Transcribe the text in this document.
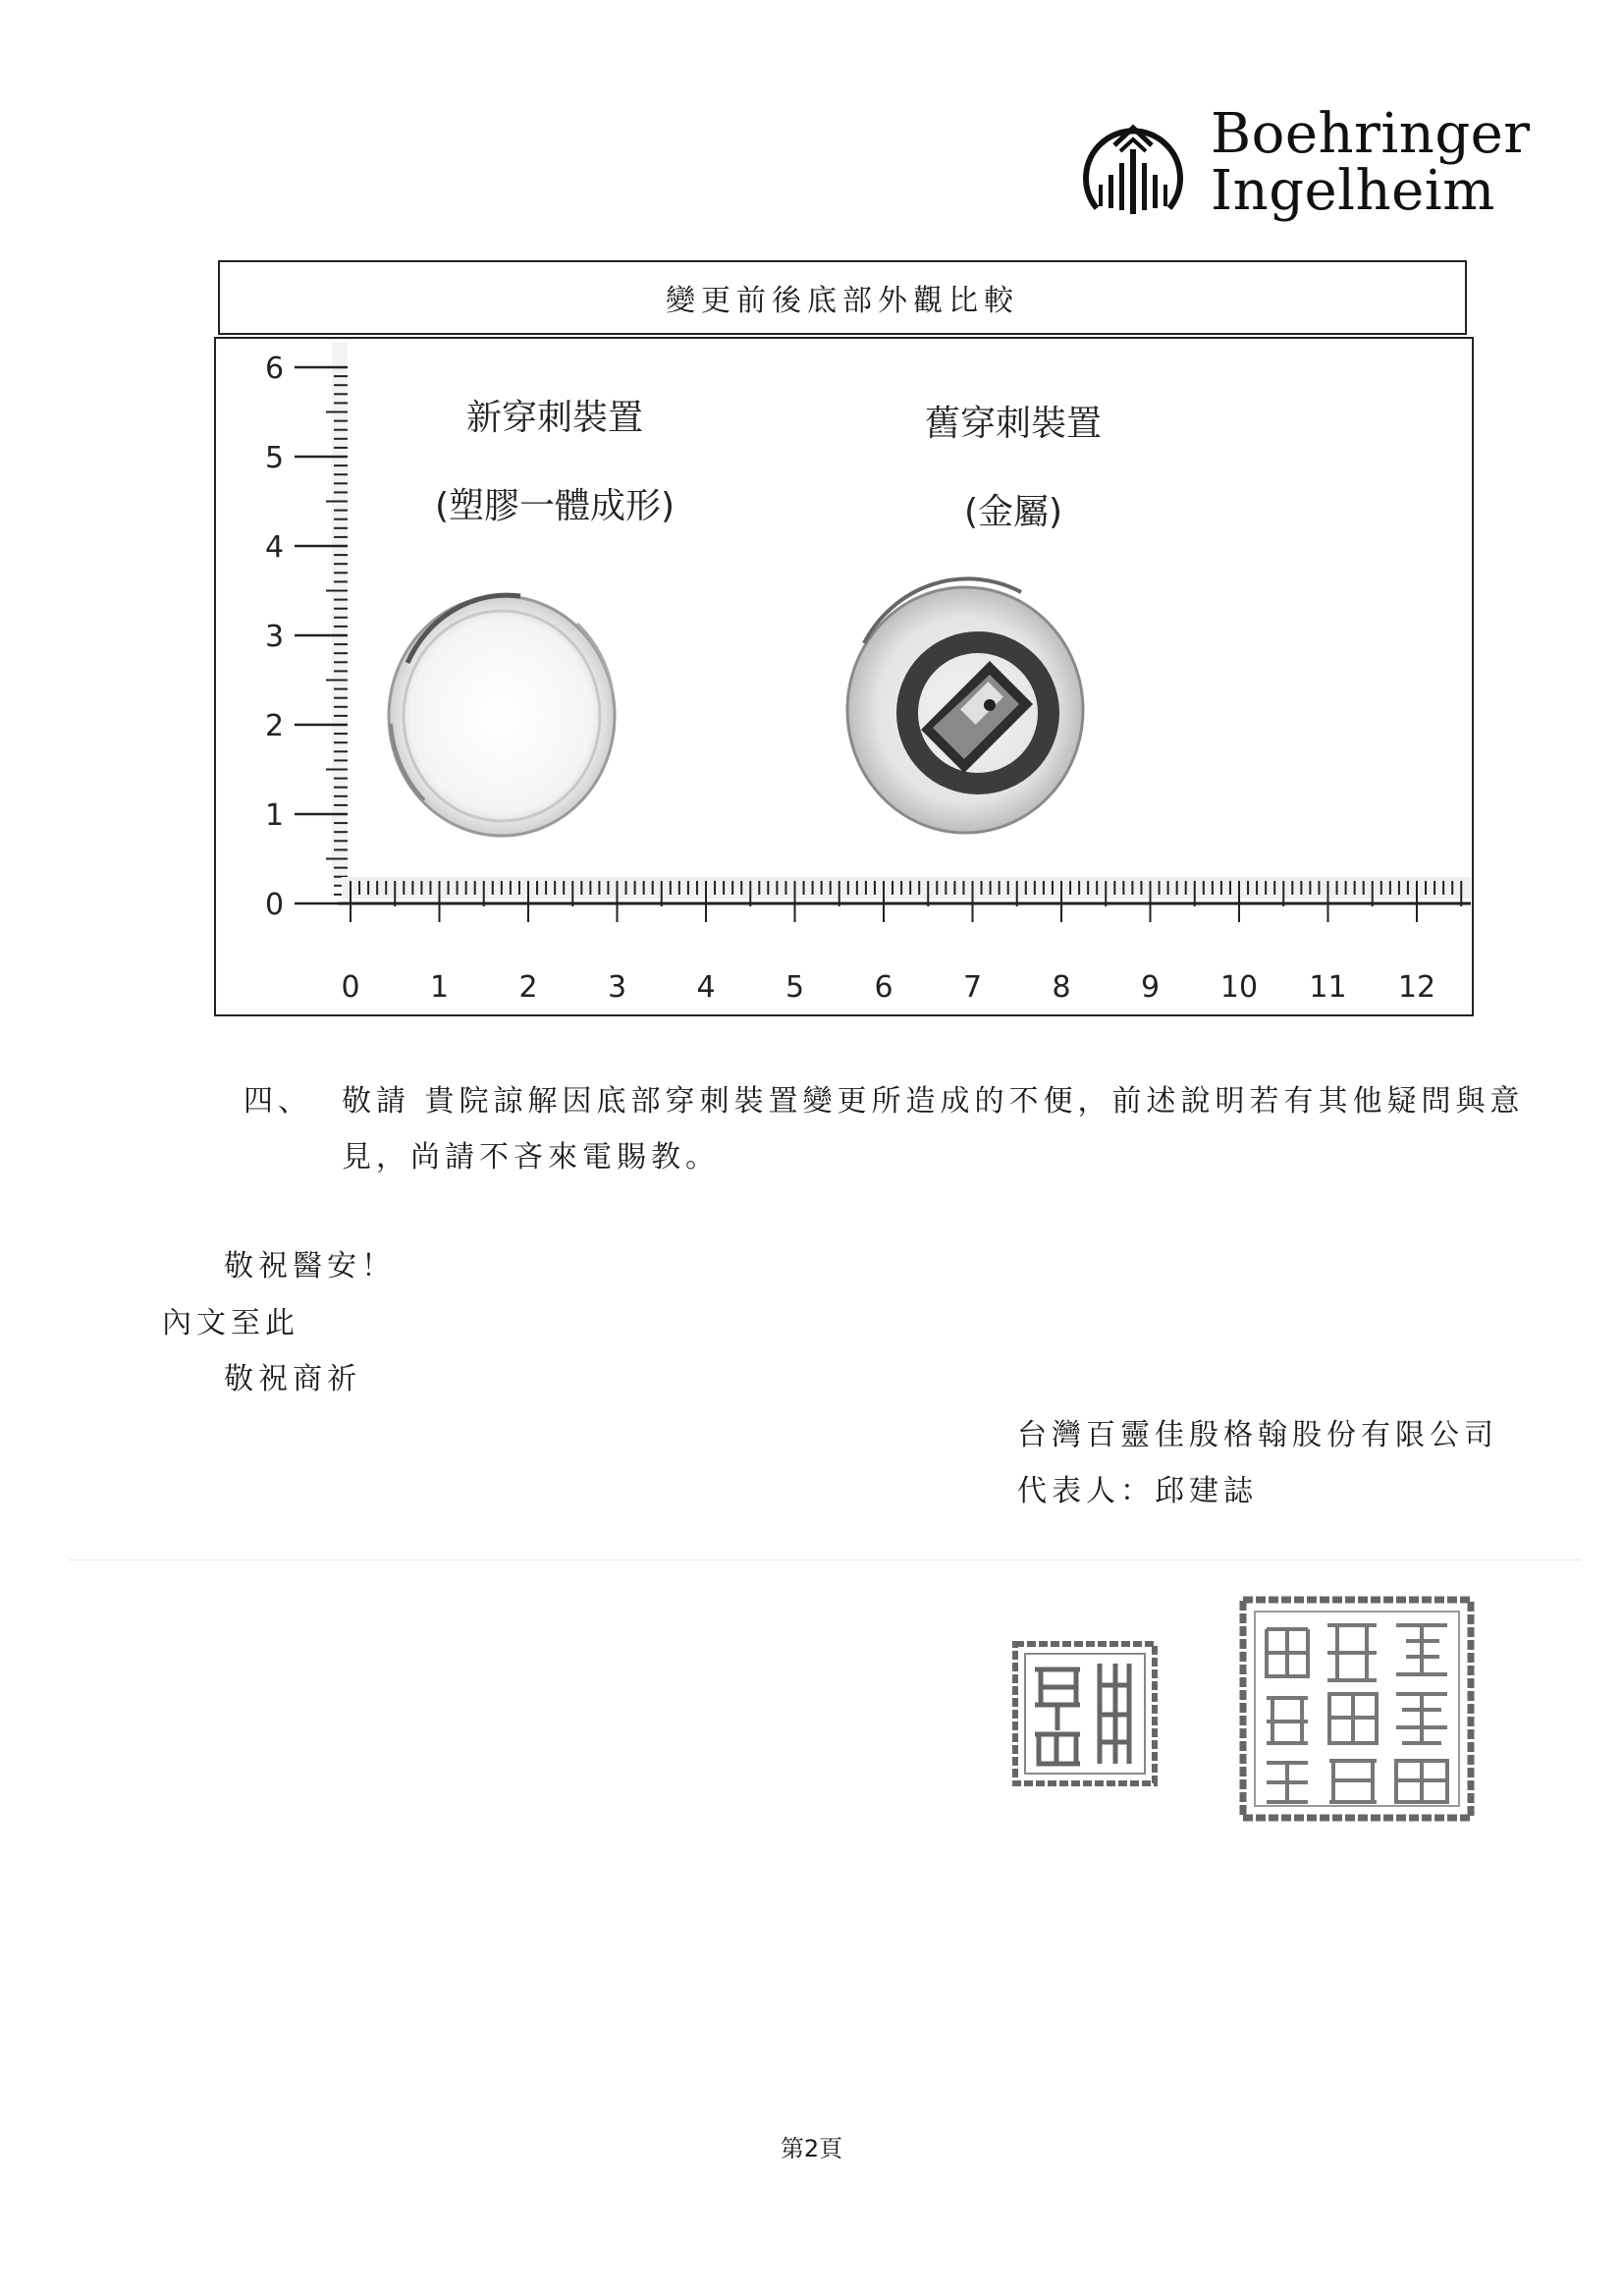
Boehringer
Ingelheim
變更前後底部外觀比較
新穿刺裝置
(塑膠一體成形)
舊穿刺裝置
(金屬)
6
5
4
3
2
1
0
0 1 2 3 4 5 6 7 8 9 10 11 12
四、 敬請 貴院諒解因底部穿刺裝置變更所造成的不便，前述說明若有其他疑問與意
見，尚請不吝來電賜教。
敬祝醫安！
內文至此
敬祝商祈
台灣百靈佳殷格翰股份有限公司
代表人：邱建誌
第2頁
